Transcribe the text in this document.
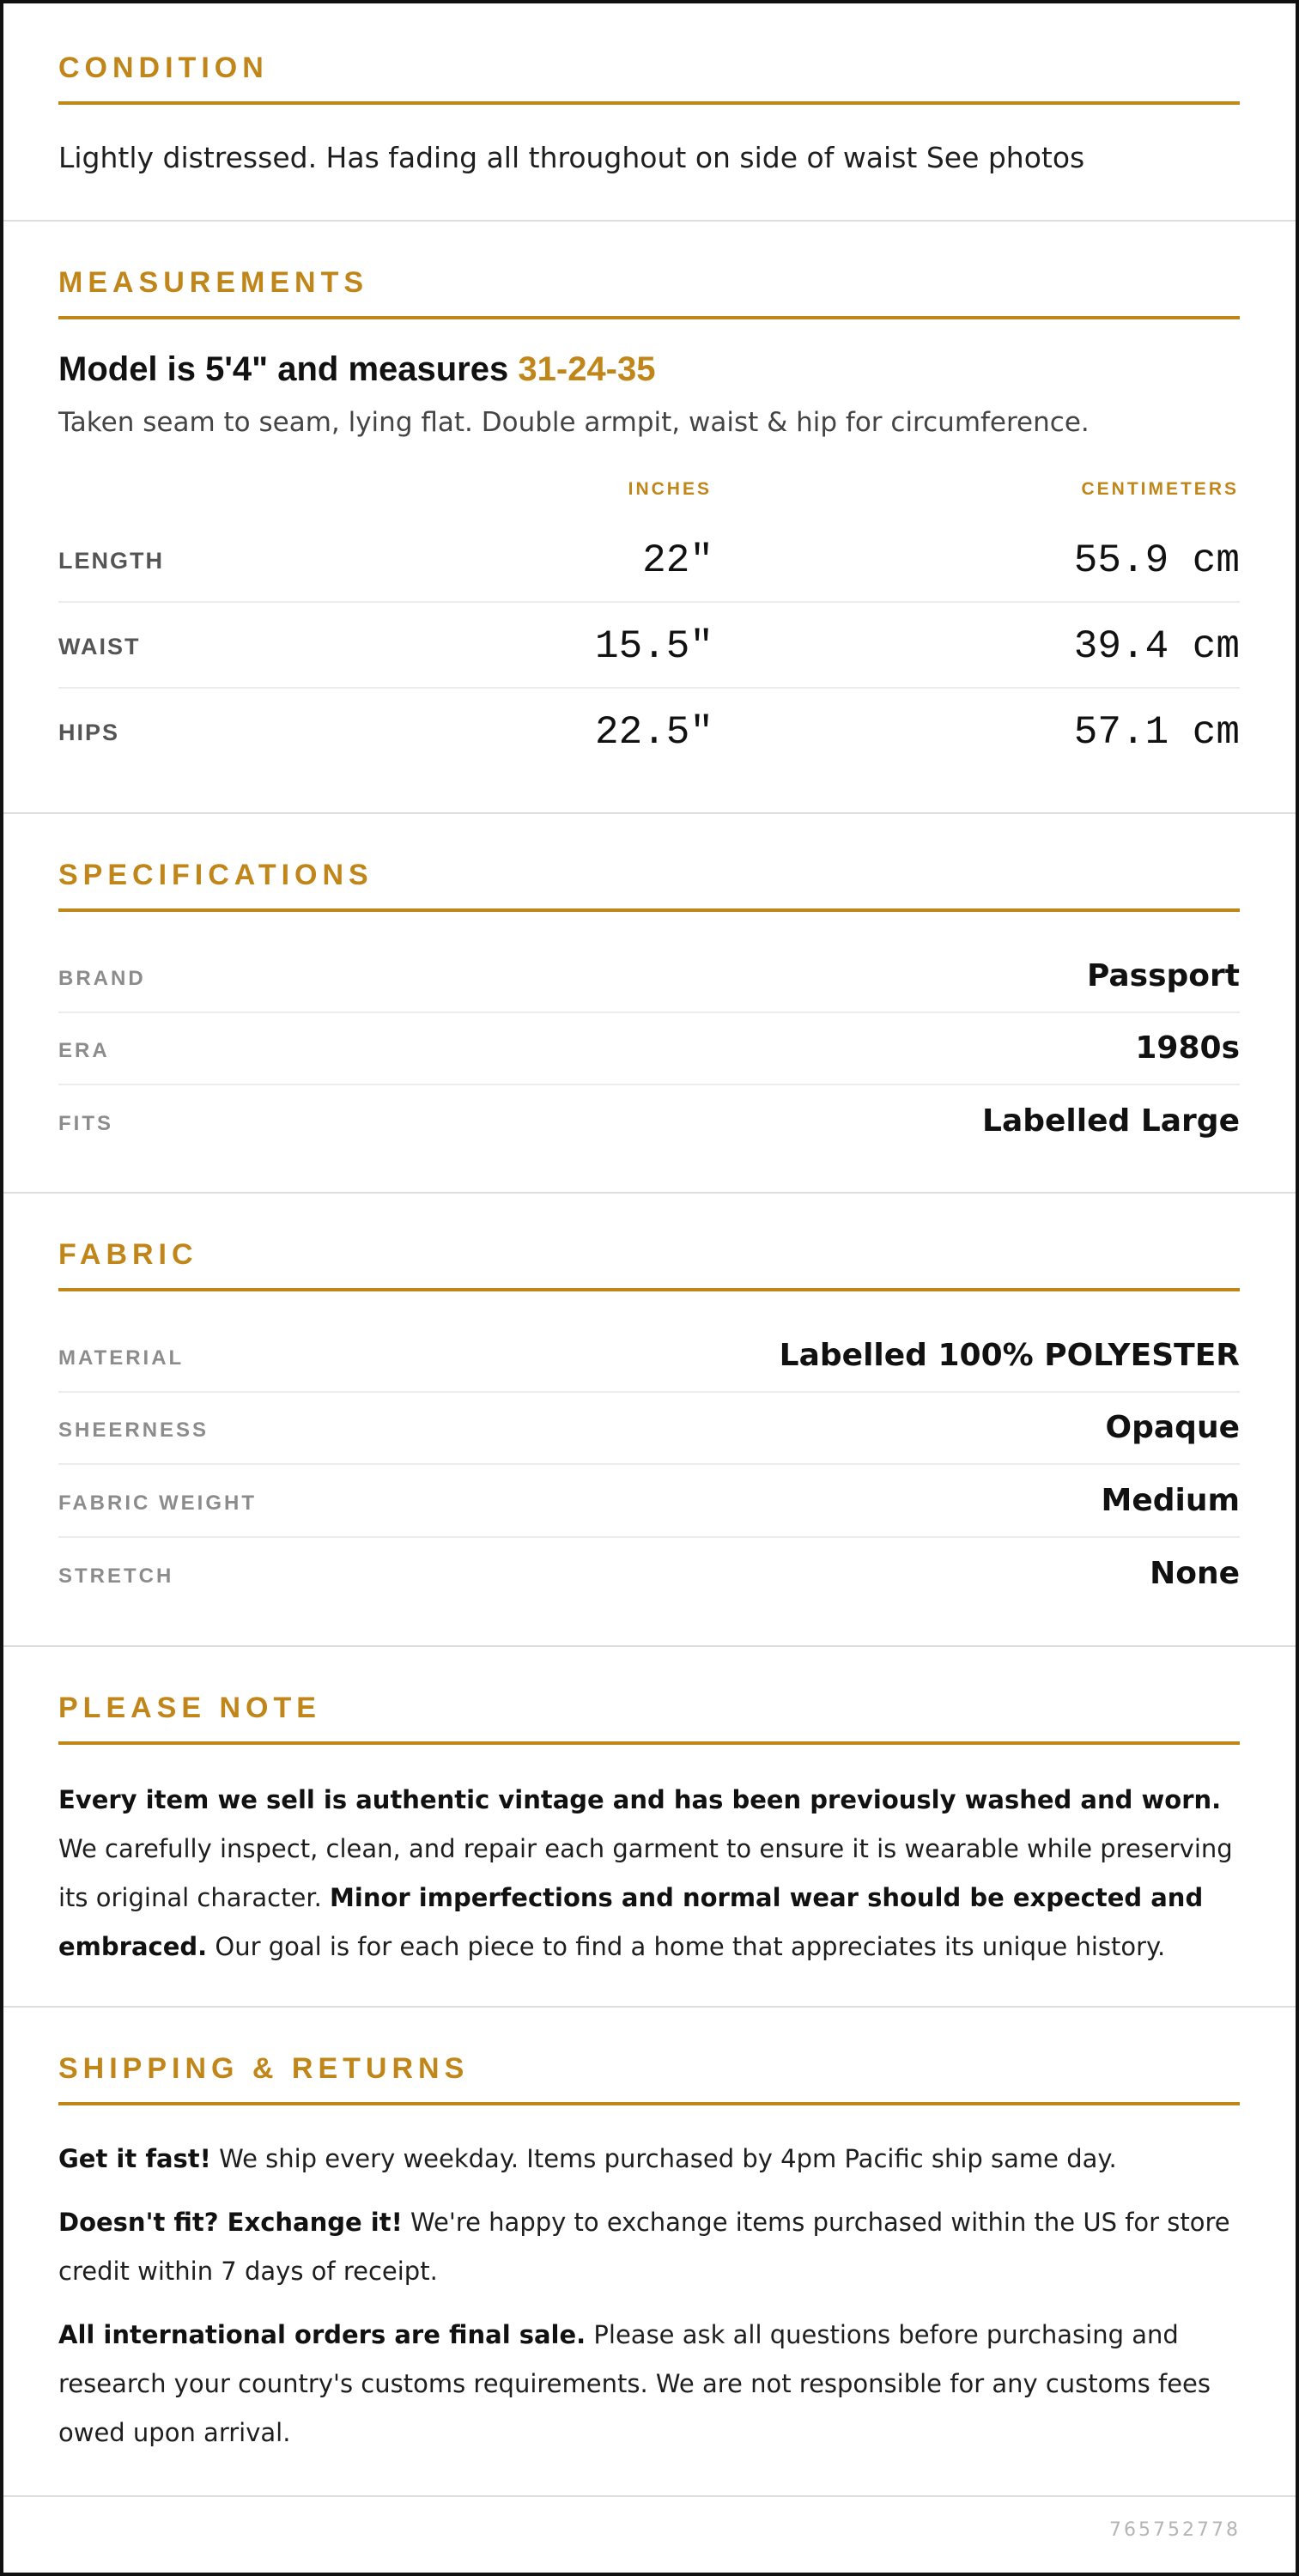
CONDITION
Lightly distressed. Has fading all throughout on side of waist See photos
MEASUREMENTS
Model is 5'4" and measures 31-24-35
Taken seam to seam, lying flat. Double armpit, waist & hip for circumference.
INCHES	CENTIMETERS
LENGTH	22"	55.9 cm
WAIST	15.5"	39.4 cm
HIPS	22.5"	57.1 cm
SPECIFICATIONS
BRAND	Passport
ERA	1980s
FITS	Labelled Large
FABRIC
MATERIAL	Labelled 100% POLYESTER
SHEERNESS	Opaque
FABRIC WEIGHT	Medium
STRETCH	None
PLEASE NOTE
Every item we sell is authentic vintage and has been previously washed and worn. We carefully inspect, clean, and repair each garment to ensure it is wearable while preserving its original character. Minor imperfections and normal wear should be expected and embraced. Our goal is for each piece to find a home that appreciates its unique history.
SHIPPING & RETURNS
Get it fast! We ship every weekday. Items purchased by 4pm Pacific ship same day.
Doesn't fit? Exchange it! We're happy to exchange items purchased within the US for store credit within 7 days of receipt.
All international orders are final sale. Please ask all questions before purchasing and research your country's customs requirements. We are not responsible for any customs fees owed upon arrival.
765752778
